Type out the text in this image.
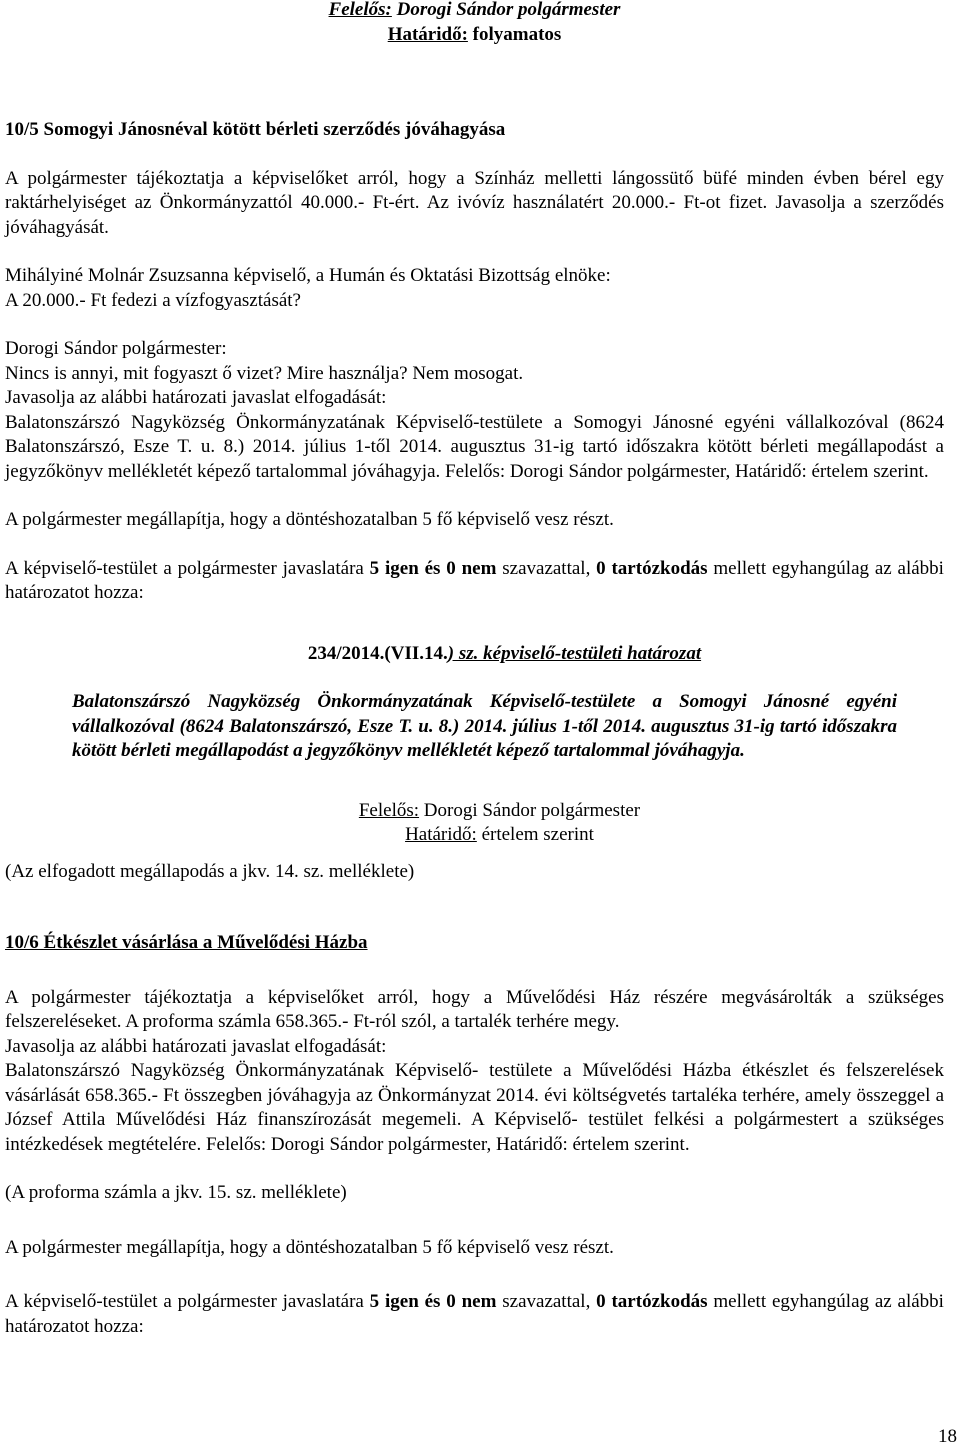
Felelős: Dorogi Sándor polgármester
Határidő: folyamatos
10/5 Somogyi Jánosnéval kötött bérleti szerződés jóváhagyása
A polgármester tájékoztatja a képviselőket arról, hogy a Színház melletti lángossütő büfé minden évben bérel egy raktárhelyiséget az Önkormányzattól 40.000.- Ft-ért. Az ivóvíz használatért 20.000.- Ft-ot fizet. Javasolja a szerződés jóváhagyását.
Mihályiné Molnár Zsuzsanna képviselő, a Humán és Oktatási Bizottság elnöke:
A 20.000.- Ft fedezi a vízfogyasztását?
Dorogi Sándor polgármester:
Nincs is annyi, mit fogyaszt ő vizet? Mire használja? Nem mosogat.
Javasolja az alábbi határozati javaslat elfogadását:
Balatonszárszó Nagyközség Önkormányzatának Képviselő-testülete a Somogyi Jánosné egyéni vállalkozóval (8624 Balatonszárszó, Esze T. u. 8.) 2014. július 1-től 2014. augusztus 31-ig tartó időszakra kötött bérleti megállapodást a jegyzőkönyv mellékletét képező tartalommal jóváhagyja. Felelős: Dorogi Sándor polgármester, Határidő: értelem szerint.
A polgármester megállapítja, hogy a döntéshozatalban 5 fő képviselő vesz részt.
A képviselő-testület a polgármester javaslatára 5 igen és 0 nem szavazattal, 0 tartózkodás mellett egyhangúlag az alábbi határozatot hozza:
234/2014.(VII.14.) sz. képviselő-testületi határozat
Balatonszárszó Nagyközség Önkormányzatának Képviselő-testülete a Somogyi Jánosné egyéni vállalkozóval (8624 Balatonszárszó, Esze T. u. 8.) 2014. július 1-től 2014. augusztus 31-ig tartó időszakra kötött bérleti megállapodást a jegyzőkönyv mellékletét képező tartalommal jóváhagyja.
Felelős: Dorogi Sándor polgármester
Határidő: értelem szerint
(Az elfogadott megállapodás a jkv. 14. sz. melléklete)
10/6 Étkészlet vásárlása a Művelődési Házba
A polgármester tájékoztatja a képviselőket arról, hogy a Művelődési Ház részére megvásárolták a szükséges felszereléseket. A proforma számla 658.365.- Ft-ról szól, a tartalék terhére megy.
Javasolja az alábbi határozati javaslat elfogadását:
Balatonszárszó Nagyközség Önkormányzatának Képviselő- testülete a Művelődési Házba étkészlet és felszerelések vásárlását 658.365.- Ft összegben jóváhagyja az Önkormányzat 2014. évi költségvetés tartaléka terhére, amely összeggel a József Attila Művelődési Ház finanszírozását megemeli. A Képviselő- testület felkési a polgármestert a szükséges intézkedések megtételére. Felelős: Dorogi Sándor polgármester, Határidő: értelem szerint.
(A proforma számla a jkv. 15. sz. melléklete)
A polgármester megállapítja, hogy a döntéshozatalban 5 fő képviselő vesz részt.
A képviselő-testület a polgármester javaslatára 5 igen és 0 nem szavazattal, 0 tartózkodás mellett egyhangúlag az alábbi határozatot hozza:
18
